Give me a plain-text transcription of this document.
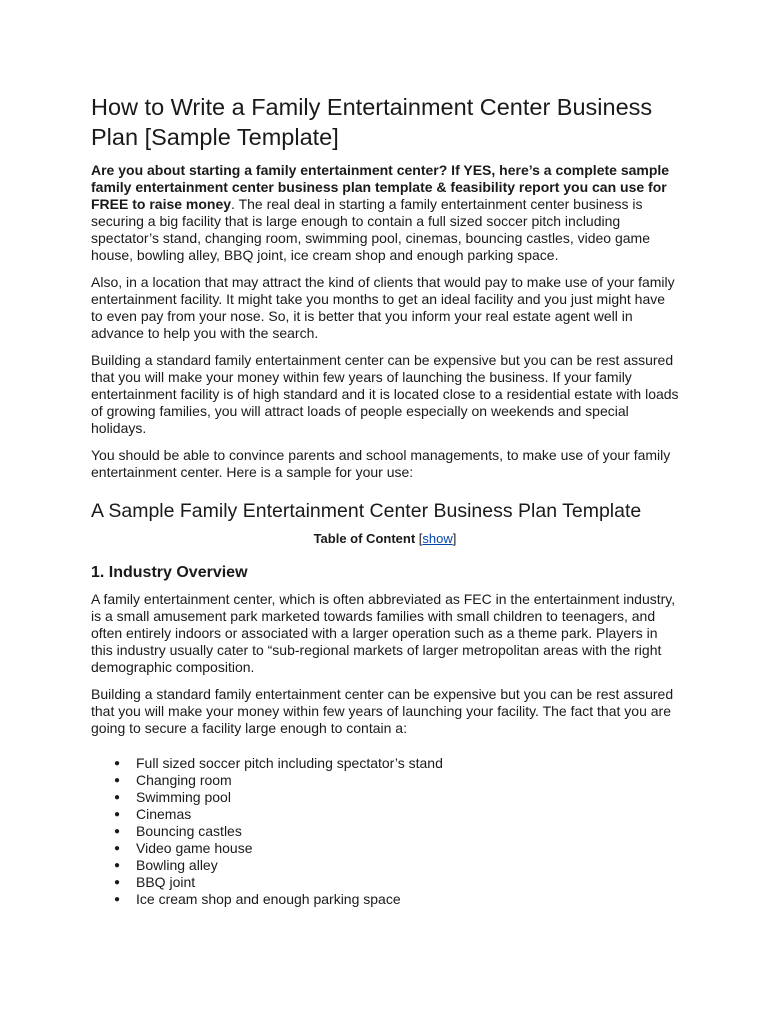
How to Write a Family Entertainment Center Business Plan [Sample Template]

Are you about starting a family entertainment center? If YES, here’s a complete sample family entertainment center business plan template & feasibility report you can use for FREE to raise money. The real deal in starting a family entertainment center business is securing a big facility that is large enough to contain a full sized soccer pitch including spectator’s stand, changing room, swimming pool, cinemas, bouncing castles, video game house, bowling alley, BBQ joint, ice cream shop and enough parking space.

Also, in a location that may attract the kind of clients that would pay to make use of your family entertainment facility. It might take you months to get an ideal facility and you just might have to even pay from your nose. So, it is better that you inform your real estate agent well in advance to help you with the search.

Building a standard family entertainment center can be expensive but you can be rest assured that you will make your money within few years of launching the business. If your family entertainment facility is of high standard and it is located close to a residential estate with loads of growing families, you will attract loads of people especially on weekends and special holidays.

You should be able to convince parents and school managements, to make use of your family entertainment center. Here is a sample for your use:

A Sample Family Entertainment Center Business Plan Template
Table of Content [show]
1. Industry Overview

A family entertainment center, which is often abbreviated as FEC in the entertainment industry, is a small amusement park marketed towards families with small children to teenagers, and often entirely indoors or associated with a larger operation such as a theme park. Players in this industry usually cater to “sub-regional markets of larger metropolitan areas with the right demographic composition.

Building a standard family entertainment center can be expensive but you can be rest assured that you will make your money within few years of launching your facility. The fact that you are going to secure a facility large enough to contain a:

● Full sized soccer pitch including spectator’s stand
● Changing room
● Swimming pool
● Cinemas
● Bouncing castles
● Video game house
● Bowling alley
● BBQ joint
● Ice cream shop and enough parking space
